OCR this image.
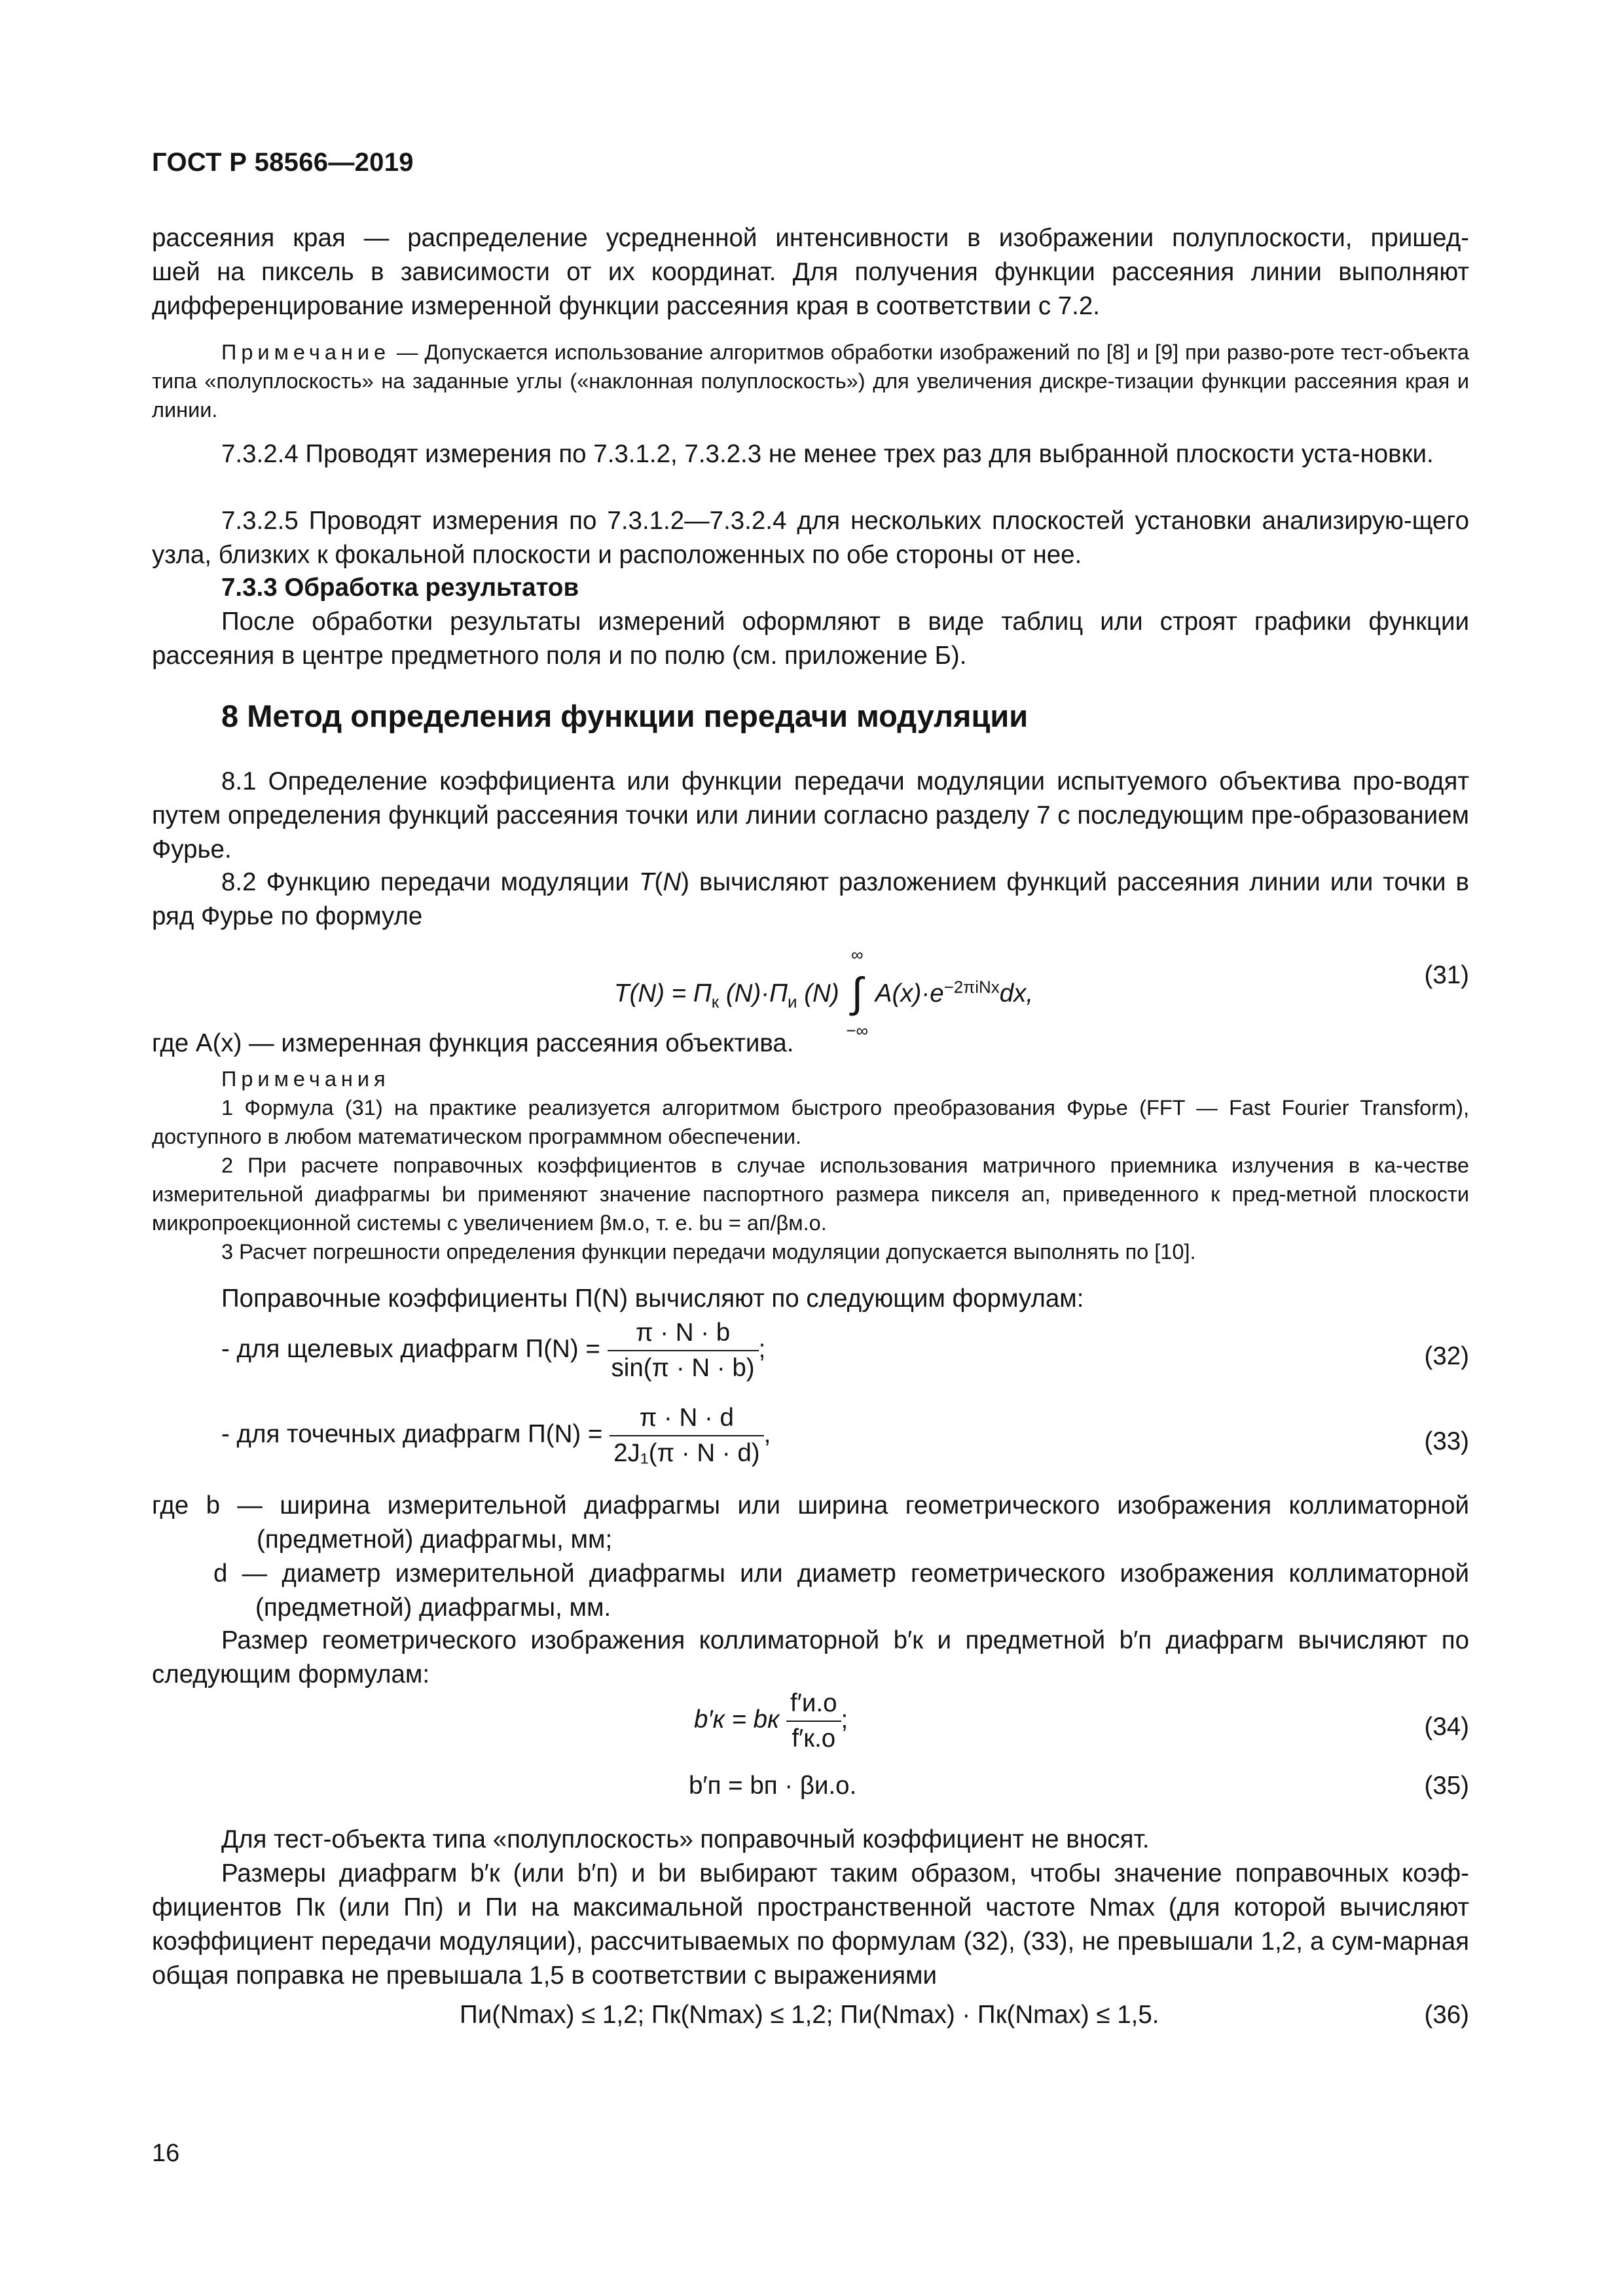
ГОСТ Р 58566—2019

рассеяния края — распределение усредненной интенсивности в изображении полуплоскости, пришед-

шей на пиксель в зависимости от их координат. Для получения функции рассеяния линии выполняют

дифференцирование измеренной функции рассеяния края в соответствии с 7.2.

Примечание — Допускается использование алгоритмов обработки изображений по [8] и [9] при разво-роте тест-объекта типа «полуплоскость» на заданные углы («наклонная полуплоскость») для увеличения дискре-тизации функции рассеяния края и линии.

7.3.2.4 Проводят измерения по 7.3.1.2, 7.3.2.3 не менее трех раз для выбранной плоскости уста-новки.

7.3.2.5 Проводят измерения по 7.3.1.2—7.3.2.4 для нескольких плоскостей установки анализирую-щего узла, близких к фокальной плоскости и расположенных по обе стороны от нее.

7.3.3 Обработка результатов

После обработки результаты измерений оформляют в виде таблиц или строят графики функции рассеяния в центре предметного поля и по полю (см. приложение Б).

8 Метод определения функции передачи модуляции

8.1 Определение коэффициента или функции передачи модуляции испытуемого объектива про-водят путем определения функций рассеяния точки или линии согласно разделу 7 с последующим пре-образованием Фурье.

8.2 Функцию передачи модуляции T(N) вычисляют разложением функций рассеяния линии или точки в ряд Фурье по формуле

$T(N) = \Pi_к$ $(N)\cdot\Pi_и$ (N)
∞
∫
−∞
$A(x)\cdot e^{-2\pi iNx}dx$,
(31)

где A(x) — измеренная функция рассеяния объектива.

Примечания

1 Формула (31) на практике реализуется алгоритмом быстрого преобразования Фурье (FFT — Fast Fourier Transform), доступного в любом математическом программном обеспечении.

2 При расчете поправочных коэффициентов в случае использования матричного приемника излучения в ка-честве измерительной диафрагмы bи применяют значение паспортного размера пикселя aп, приведенного к пред-метной плоскости микропроекционной системы с увеличением βм.о, т. е. bu = aп/βм.о.

3 Расчет погрешности определения функции передачи модуляции допускается выполнять по [10].

Поправочные коэффициенты Π(N) вычисляют по следующим формулам:

- для щелевых диафрагм $\Pi(N) = \frac{\pi \cdot N \cdot b}{\sin(\pi \cdot N \cdot b)}$ ;	(32)
- для точечных диафрагм $\Pi(N) = \frac{\pi \cdot N \cdot d}{\text{2J₁(π · N · d)}}$ ,	(33)

где b — ширина измерительной диафрагмы или ширина геометрического изображения коллиматорной (предметной) диафрагмы, мм;

d — диаметр измерительной диафрагмы или диаметр геометрического изображения коллиматорной (предметной) диафрагмы, мм.

Размер геометрического изображения коллиматорной b′к и предметной b′п диафрагм вычисляют по следующим формулам:

b′к = bк $\frac{f'и.о}{f'к.о}$ ;	(34)
b′п = bп · βи.о.	(35)

Для тест-объекта типа «полуплоскость» поправочный коэффициент не вносят.

Размеры диафрагм b′к (или b′п) и bи выбирают таким образом, чтобы значение поправочных коэф-фициентов Πк (или Πп) и Πи на максимальной пространственной частоте Nmax (для которой вычисляют коэффициент передачи модуляции), рассчитываемых по формулам (32), (33), не превышали 1,2, а сум-марная общая поправка не превышала 1,5 в соответствии с выражениями

Πи(Nmax) ≤ 1,2; Πк(Nmax) ≤ 1,2; Πи(Nmax) · Πк(Nmax) ≤ 1,5.	(36)
16
